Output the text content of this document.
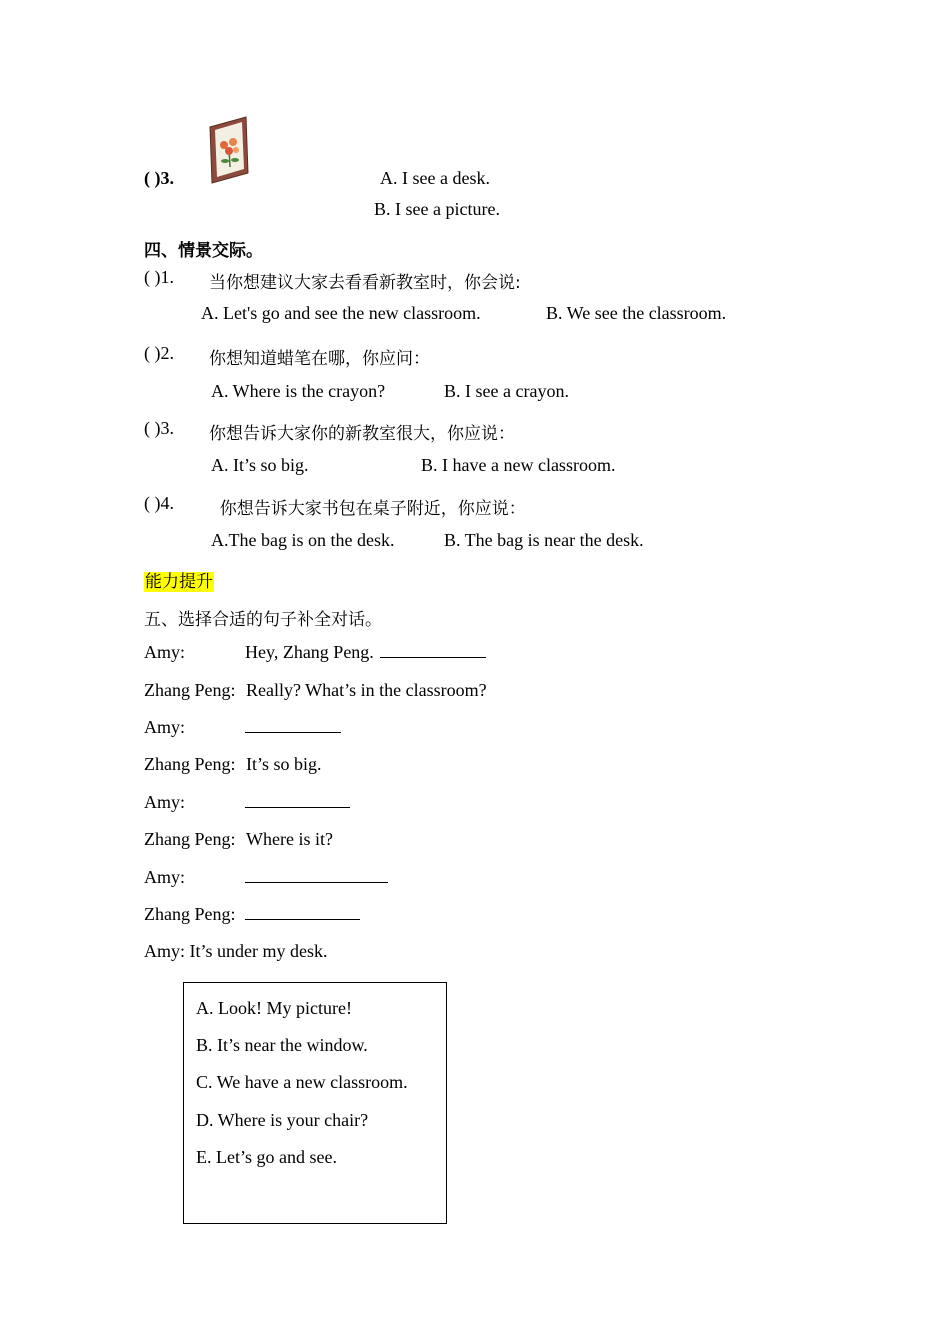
( )3.	A. I see a desk.
B. I see a picture.
四、情景交际。
( )1. 当你想建议大家去看看新教室时，你会说:
A. Let's go and see the new classroom.	B. We see the classroom.
( )2. 你想知道蜡笔在哪，你应问：
A. Where is the crayon?	B. I see a crayon.
( )3. 你想告诉大家你的新教室很大，你应说：
A. It’s so big.	B. I have a new classroom.
( )4. 你想告诉大家书包在桌子附近，你应说：
A.The bag is on the desk.	B. The bag is near the desk.
能力提升
五、选择合适的句子补全对话。
Amy:	Hey, Zhang Peng.
Zhang Peng: Really? What’s in the classroom?
Amy:
Zhang Peng: It’s so big.
Amy:
Zhang Peng: Where is it?
Amy:
Zhang Peng:
Amy: It’s under my desk.
A. Look! My picture!
B. It’s near the window.
C. We have a new classroom.
D. Where is your chair?
E. Let’s go and see.
